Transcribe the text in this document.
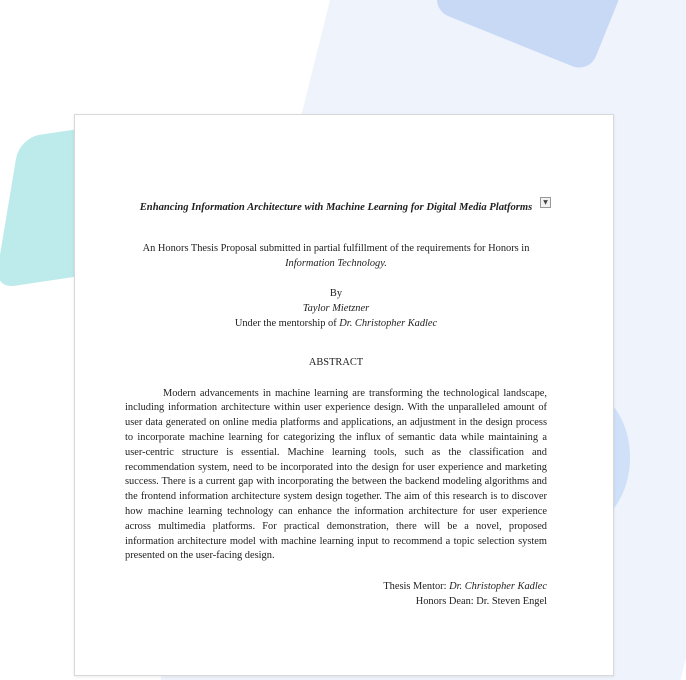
▼

Enhancing Information Architecture with Machine Learning for Digital Media Platforms

An Honors Thesis Proposal submitted in partial fulfillment of the requirements for Honors in Information Technology.

By
Taylor Mietzner
Under the mentorship of Dr. Christopher Kadlec

ABSTRACT

Modern advancements in machine learning are transforming the technological landscape, including information architecture within user experience design. With the unparalleled amount of user data generated on online media platforms and applications, an adjustment in the design process to incorporate machine learning for categorizing the influx of semantic data while maintaining a user-centric structure is essential. Machine learning tools, such as the classification and recommendation system, need to be incorporated into the design for user experience and marketing success. There is a current gap with incorporating the between the backend modeling algorithms and the frontend information architecture system design together. The aim of this research is to discover how machine learning technology can enhance the information architecture for user experience across multimedia platforms. For practical demonstration, there will be a novel, proposed information architecture model with machine learning input to recommend a topic selection system presented on the user-facing design.

Thesis Mentor: Dr. Christopher Kadlec
Honors Dean: Dr. Steven Engel
